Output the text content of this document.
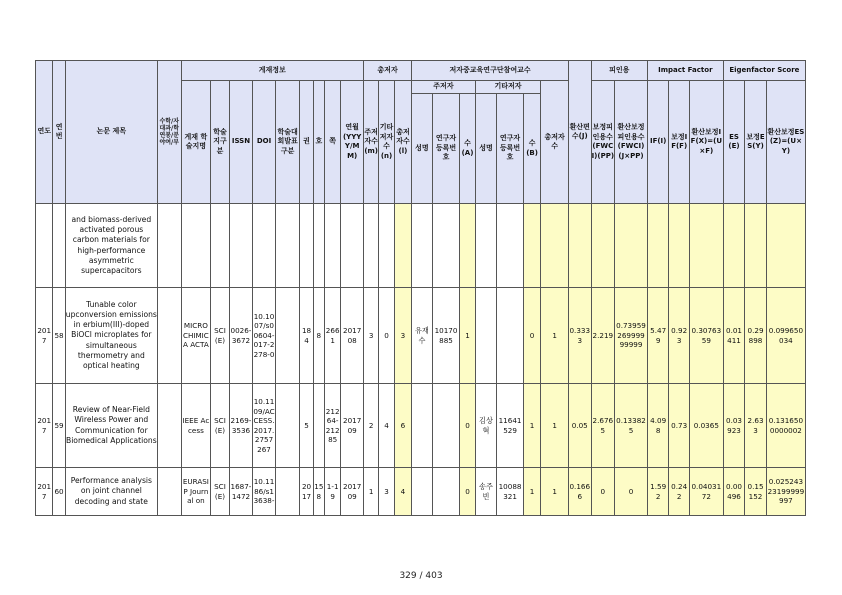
연도	연번	논문 제목	수학/자대과/학연봉/분야여/부	게재정보									총저자			저자중교육연구단참여교수							환산편수(J)	피인용		Impact Factor			Eigenfactor Score		
				게재 학술지명	학술지구분	ISSN	DOI	학술대회발표구분	권	호	쪽	연월(YYYY/MM)	주저자수(m)	기타저자수(n)	총저자수(l)	주저자			기타저자			총저자수		보정피인용수(FWCI)(PP)	환산보정피인용수(FWCI)(J×PP)	IF(I)	보정IF(F)	환산보정IF(X)=(U×F)	ES(E)	보정ES(Y)	환산보정ES(Z)=(U×Y)
																성명	연구자등록번호	수(A)	성명	연구자등록번호	수(B)										
		and biomass-derived activated porous carbon materials for high-performance asymmetric supercapacitors																													
2017	58	Tunable color upconversion emissions in erbium(III)-doped BiOCl microplates for simultaneous thermometry and optical heating		MICROCHIMICA ACTA	SCI(E)	0026-3672	10.1007/s00604-017-2278-0		184	8	2661	201708	3	0	3	유재수	10170885	1			0	1	0.3333	2.219	0.7395926999999999	5.479	0.923	0.3076359	0.01411	0.29898	0.099650034
2017	59	Review of Near-Field Wireless Power and Communication for Biomedical Applications		IEEE Access	SCI(E)	2169-3536	10.1109/ACCESS.2017.2757267		5		21264-21285	201709	2	4	6			0	김상혁	11641529	1	1	0.05	2.6765	0.133825	4.098	0.73	0.0365	0.03923	2.633	0.1316500000002
2017	60	Performance analysis on joint channel decoding and state		EURASIP Journal on	SCI(E)	1687-1472	10.1186/s13638-		2017	158	1-19	201709	1	3	4			0	송주빈	10088321	1	1	0.1666	0	0	1.592	0.242	0.0403172	0.00496	0.15152	0.02524323199999997
329 / 403
